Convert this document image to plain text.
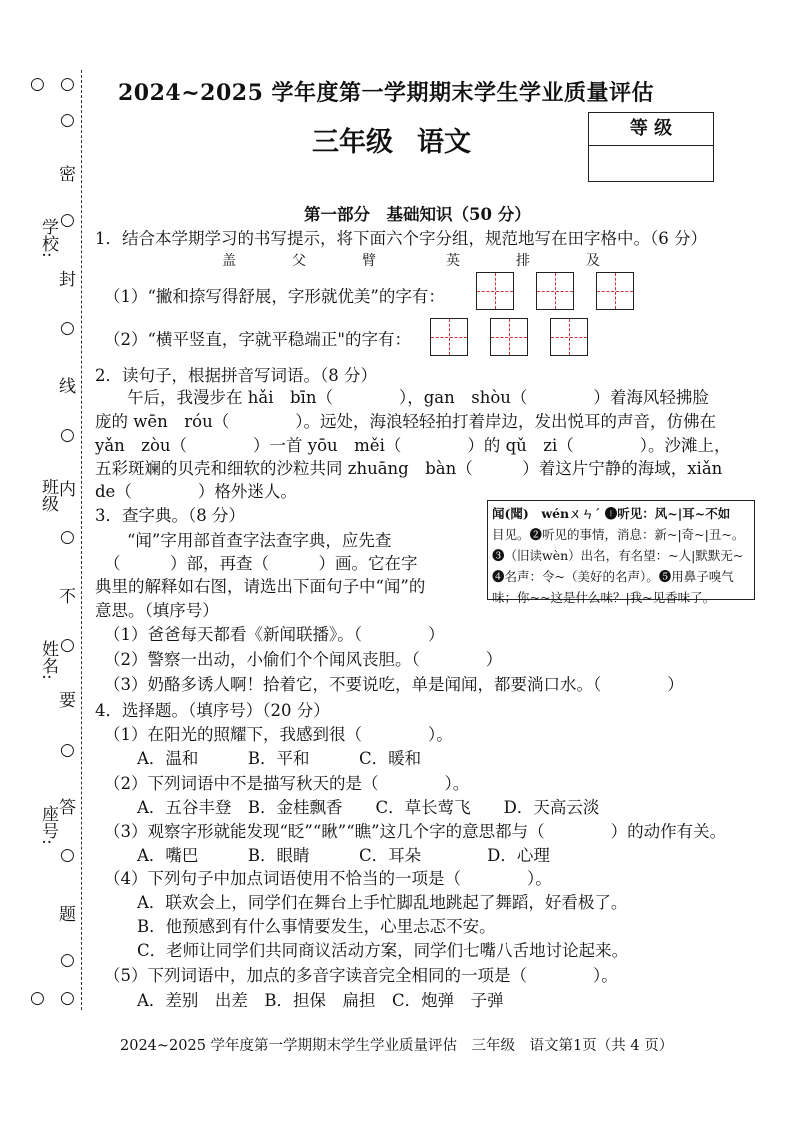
○ ○
○ ○
○
密
○
封
○
线
○
内
○
不
○
要
○
答
○
题
○
学校:
班级
姓名:
座号:
2024~2025 学年度第一学期期末学生学业质量评估
三年级 语文	等 级
第一部分　基础知识（50 分）
1．结合本学期学习的书写提示，将下面六个字分组，规范地写在田字格中。（6 分）
盖　　　　父　　　　臂　　　　　英　　　　排　　　　及
（1）“撇和捺写得舒展，字形就优美”的字有：
（2）“横平竖直，字就平稳端正"的字有：
2．读句子，根据拼音写词语。（8 分）
午后，我漫步在 hǎi　bīn（　　　　），gan　shòu（　　　　）着海风轻拂脸
庞的 wēn　róu（　　　　）。远处，海浪轻轻拍打着岸边，发出悦耳的声音，仿佛在
yǎn　zòu（　　　　）一首 yōu　měi（　　　　）的 qǔ　zi（　　　　）。沙滩上，
五彩斑斓的贝壳和细软的沙粒共同 zhuāng　bàn（　　　）着这片宁静的海域，xiǎn
de（　　　　）格外迷人。
3．查字典。（8 分）
“闻”字用部首查字法查字典，应先查
（　　　）部，再查（　　　）画。它在字
典里的解释如右图，请选出下面句子中“闻”的
意思。（填序号）
闻(聞)　wénㄨㄣˊ ❶听见：风~|耳~不如
目见。❷听见的事情，消息：新~|奇~|丑~。
❸（旧读wèn）出名，有名望：~人|默默无~
❹名声：令~（美好的名声）。❺用鼻子嗅气
味；你~~这是什么味？|我~见香味了。
（1）爸爸每天都看《新闻联播》。（　　　　）
（2）警察一出动，小偷们个个闻风丧胆。（　　　　）
（3）奶酪多诱人啊！拾着它，不要说吃，单是闻闻，都要淌口水。（　　　　）
4．选择题。（填序号）（20 分）
（1）在阳光的照耀下，我感到很（　　　　）。
　　A．温和　　　B．平和　　　C．暖和
（2）下列词语中不是描写秋天的是（　　　　）。
　　A．五谷丰登　B．金桂飘香　　C．草长莺飞　　D．天高云淡
（3）观察字形就能发现“眨”“瞅”“瞧”这几个字的意思都与（　　　　）的动作有关。
　　A．嘴巴　　　B．眼睛　　　C．耳朵　　　　D．心理
（4）下列句子中加点词语使用不恰当的一项是（　　　　）。
　　A．联欢会上，同学们在舞台上手忙脚乱地跳起了舞蹈，好看极了。
　　B．他预感到有什么事情要发生，心里忐忑不安。
　　C．老师让同学们共同商议活动方案，同学们七嘴八舌地讨论起来。
（5）下列词语中，加点的多音字读音完全相同的一项是（　　　　）。
　　A．差别　出差　B．担保　扁担　C．炮弹　子弹
2024~2025 学年度第一学期期末学生学业质量评估　三年级　语文第1页（共 4 页）
